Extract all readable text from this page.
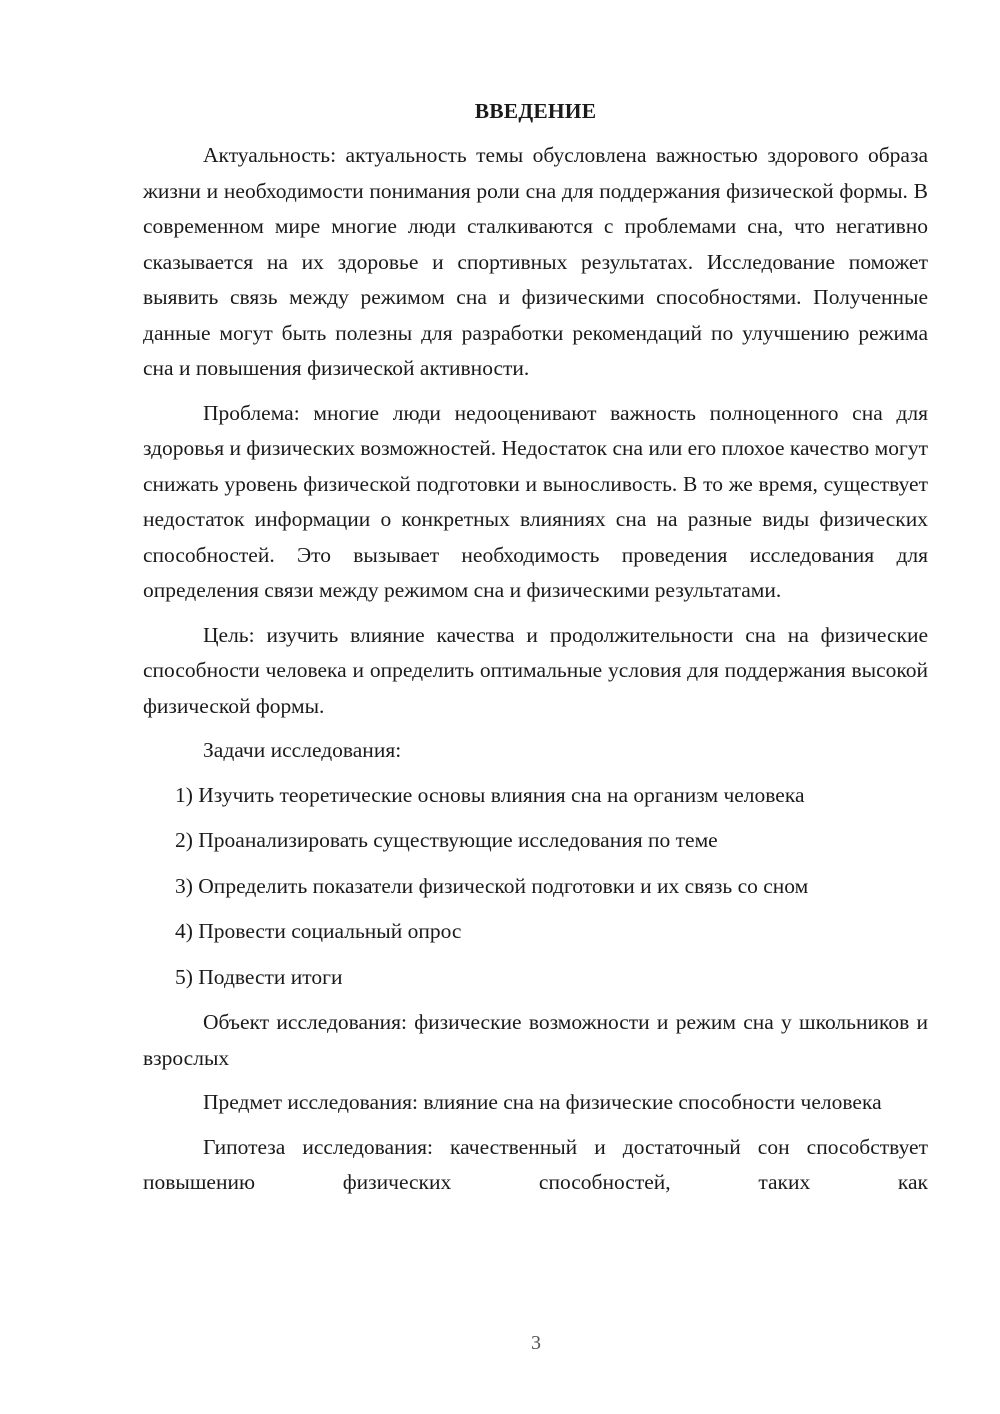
ВВЕДЕНИЕ

Актуальность: актуальность темы обусловлена важностью здорового образа жизни и необходимости понимания роли сна для поддержания физической формы. В современном мире многие люди сталкиваются с проблемами сна, что негативно сказывается на их здоровье и спортивных результатах. Исследование поможет выявить связь между режимом сна и физическими способностями. Полученные данные могут быть полезны для разработки рекомендаций по улучшению режима сна и повышения физической активности.

Проблема: многие люди недооценивают важность полноценного сна для здоровья и физических возможностей. Недостаток сна или его плохое качество могут снижать уровень физической подготовки и выносливость. В то же время, существует недостаток информации о конкретных влияниях сна на разные виды физических способностей. Это вызывает необходимость проведения исследования для определения связи между режимом сна и физическими результатами.

Цель: изучить влияние качества и продолжительности сна на физические способности человека и определить оптимальные условия для поддержания высокой физической формы.

Задачи исследования:

1) Изучить теоретические основы влияния сна на организм человека
2) Проанализировать существующие исследования по теме
3) Определить показатели физической подготовки и их связь со сном
4) Провести социальный опрос
5) Подвести итоги

Объект исследования: физические возможности и режим сна у школьников и взрослых

Предмет исследования: влияние сна на физические способности человека

Гипотеза исследования: качественный и достаточный сон способствует повышению физических способностей, таких как

3
